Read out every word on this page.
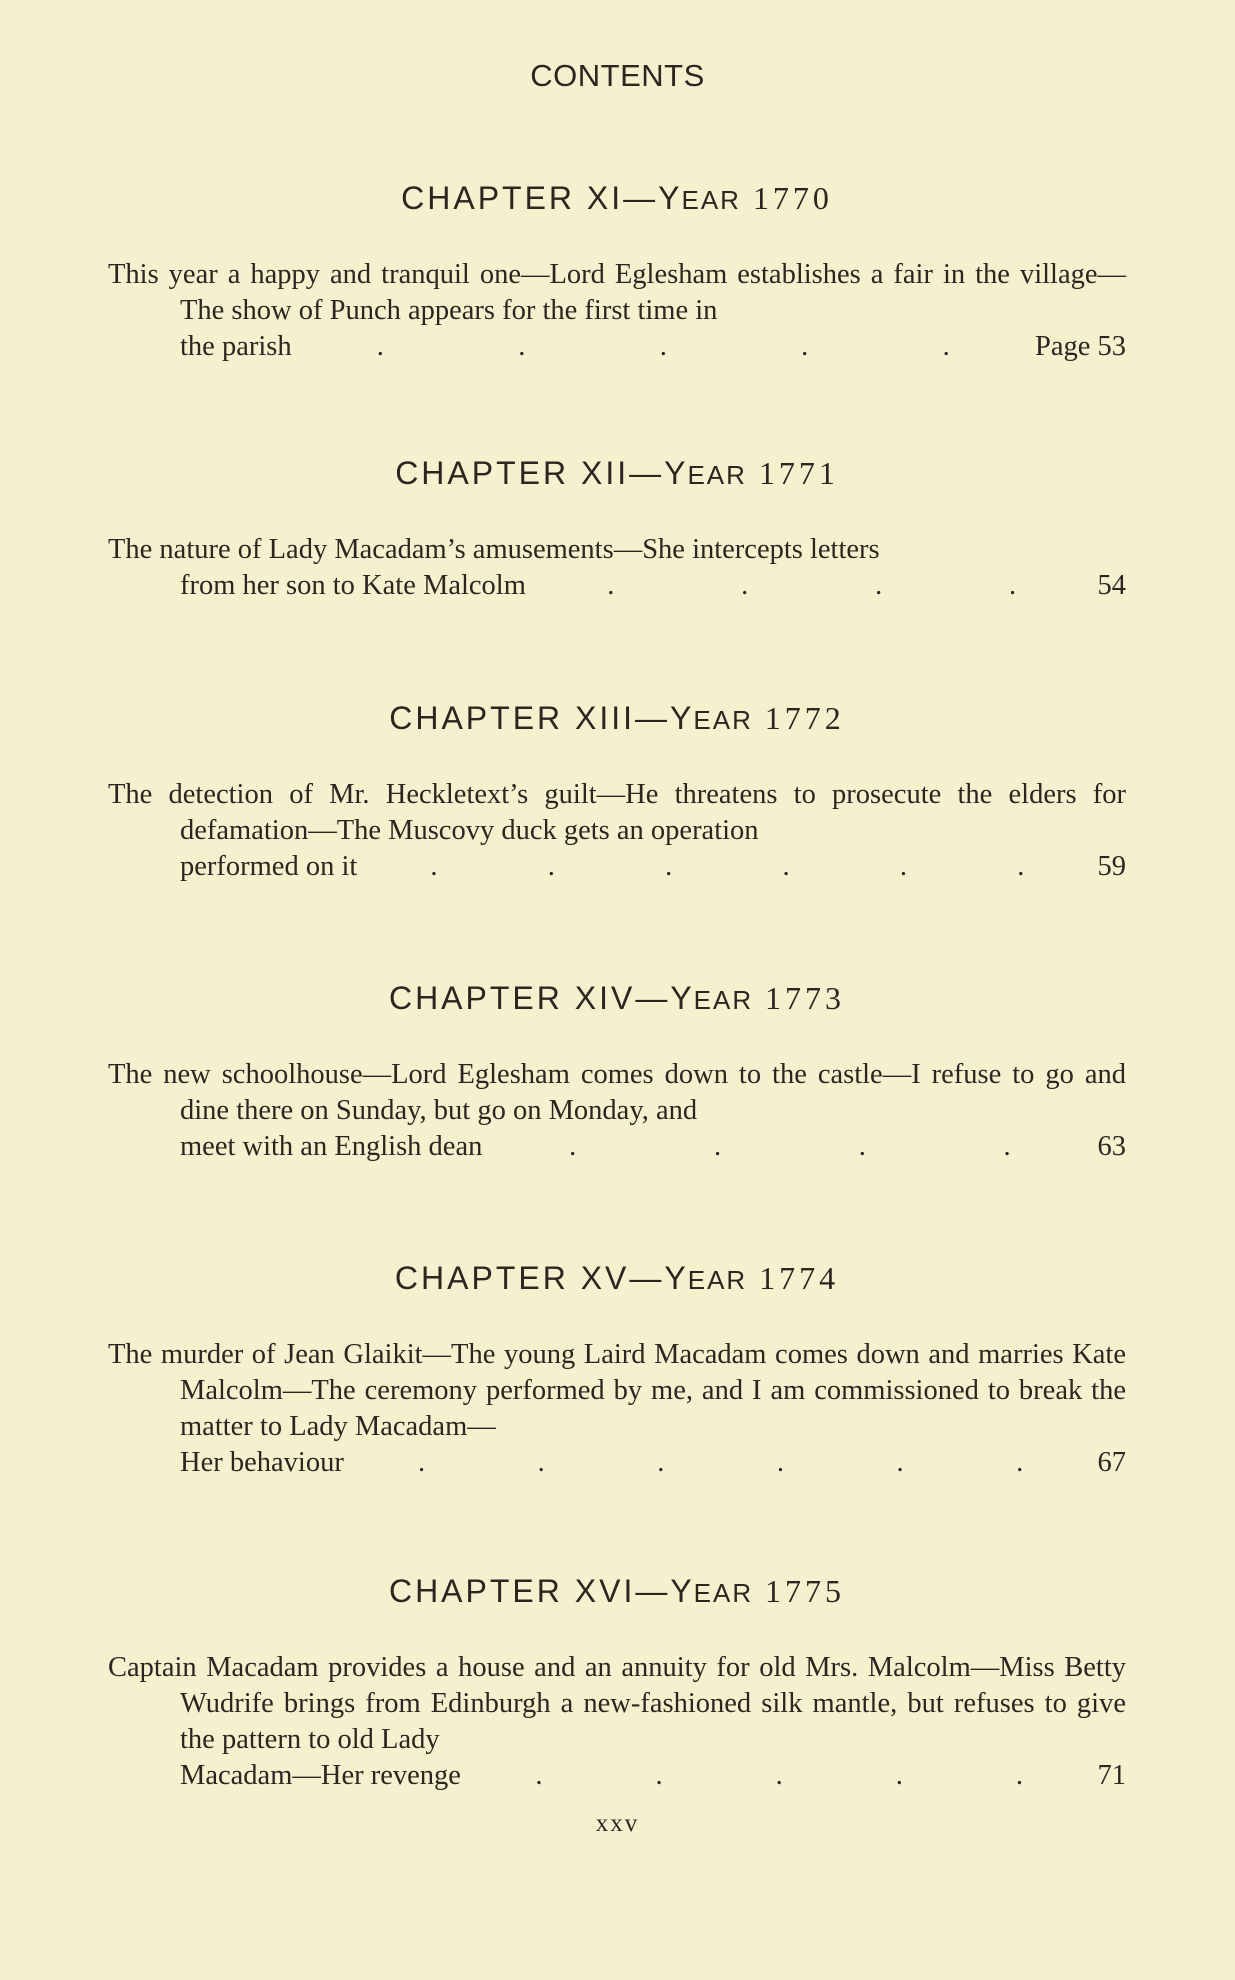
CONTENTS
CHAPTER XI—YEAR 1770

This year a happy and tranquil one—Lord Eglesham establishes a fair in the village—The show of Punch appears for the first time in
the parish	.	.	.	.	.	Page 53

CHAPTER XII—YEAR 1771

The nature of Lady Macadam’s amusements—She intercepts letters
from her son to Kate Malcolm	.	.	.	.	54

CHAPTER XIII—YEAR 1772

The detection of Mr. Heckletext’s guilt—He threatens to prosecute the elders for defamation—The Muscovy duck gets an operation
performed on it	.	.	.	.	.	.	59

CHAPTER XIV—YEAR 1773

The new schoolhouse—Lord Eglesham comes down to the castle—I refuse to go and dine there on Sunday, but go on Monday, and
meet with an English dean	.	.	.	.	63

CHAPTER XV—YEAR 1774

The murder of Jean Glaikit—The young Laird Macadam comes down and marries Kate Malcolm—The ceremony performed by me, and I am commissioned to break the matter to Lady Macadam—
Her behaviour	.	.	.	.	.	.	67

CHAPTER XVI—YEAR 1775

Captain Macadam provides a house and an annuity for old Mrs. Malcolm—Miss Betty Wudrife brings from Edinburgh a new-fashioned silk mantle, but refuses to give the pattern to old Lady
Macadam—Her revenge	.	.	.	.	.	71

xxv
